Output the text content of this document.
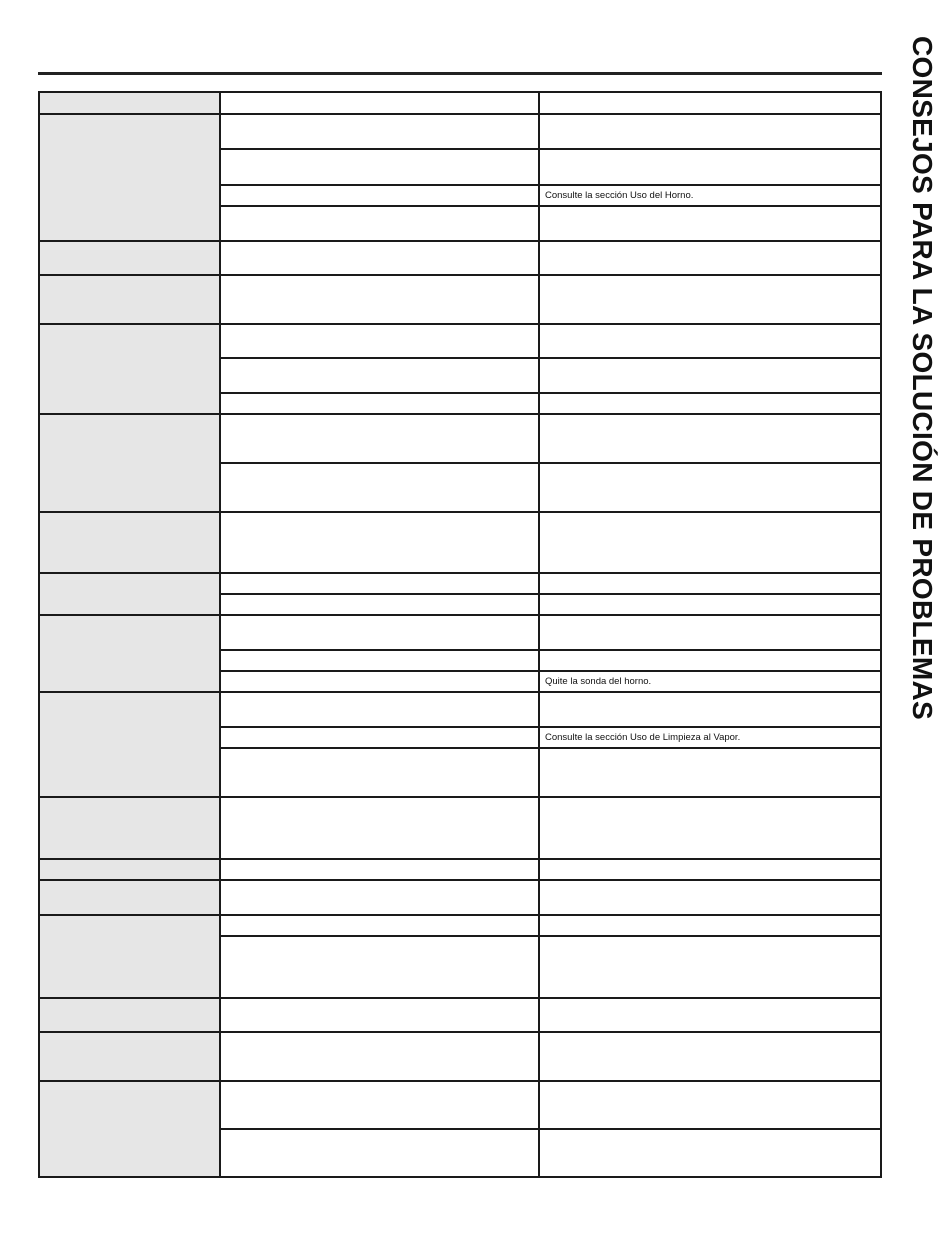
CONSEJOS PARA LA SOLUCIÓN DE PROBLEMAS
Consulte la sección Uso del Horno.
Quite la sonda del horno.
Consulte la sección Uso de Limpieza al Vapor.
